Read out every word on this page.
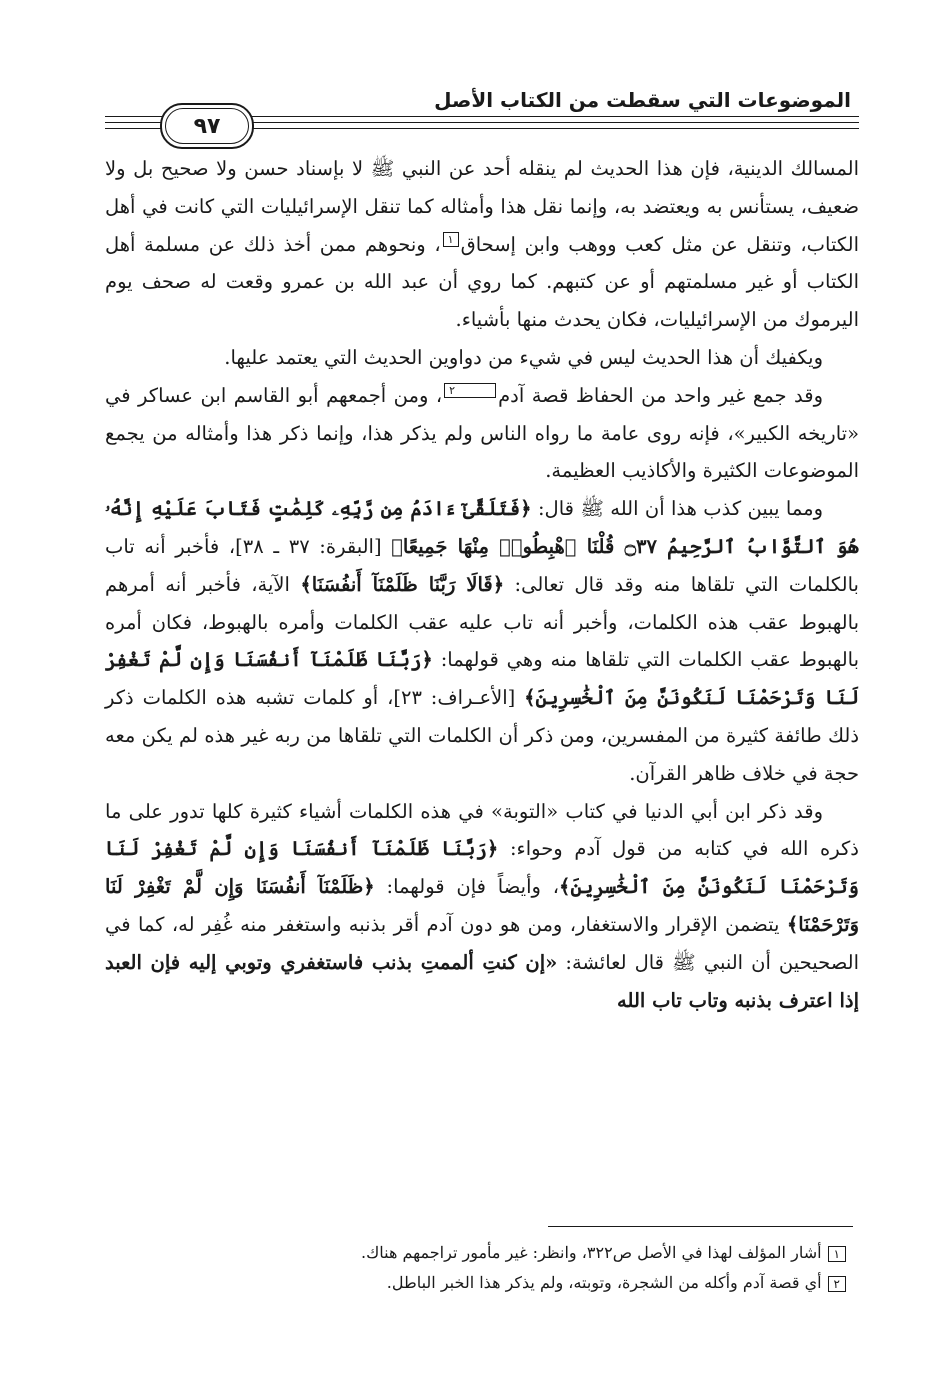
الموضوعات التي سقطت من الكتاب الأصل
٩٧

المسالك الدينية، فإن هذا الحديث لم ينقله أحد عن النبي ﷺ لا بإسناد حسن ولا صحيح بل ولا ضعيف، يستأنس به ويعتضد به، وإنما نقل هذا وأمثاله كما تنقل الإسرائيليات التي كانت في أهل الكتاب، وتنقل عن مثل كعب ووهب وابن إسحاق١، ونحوهم ممن أخذ ذلك عن مسلمة أهل الكتاب أو غير مسلمتهم أو عن كتبهم. كما روي أن عبد الله بن عمرو وقعت له صحف يوم اليرموك من الإسرائيليات، فكان يحدث منها بأشياء.

ويكفيك أن هذا الحديث ليس في شيء من دواوين الحديث التي يعتمد عليها.

وقد جمع غير واحد من الحفاظ قصة آدم٢، ومن أجمعهم أبو القاسم ابن عساكر في «تاريخه الكبير»، فإنه روى عامة ما رواه الناس ولم يذكر هذا، وإنما ذكر هذا وأمثاله من يجمع الموضوعات الكثيرة والأكاذيب العظيمة.

ومما يبين كذب هذا أن الله ﷺ قال: ﴿فَتَلَقَّىٰٓ ءَادَمُ مِن رَّبِّهِۦ كَلِمَٰتٍ فَتَابَ عَلَيْهِ إِنَّهُۥ هُوَ ٱلتَّوَّابُ ٱلرَّحِيمُ ۝٣٧ قُلْنَا ٱهْبِطُوا۟ مِنْهَا جَمِيعًا﴾ [البقرة: ٣٧ ـ ٣٨]، فأخبر أنه تاب بالكلمات التي تلقاها منه وقد قال تعالى: ﴿قَالَا رَبَّنَا ظَلَمْنَآ أَنفُسَنَا﴾ الآية، فأخبر أنه أمرهم بالهبوط عقب هذه الكلمات، وأخبر أنه تاب عليه عقب الكلمات وأمره بالهبوط، فكان أمره بالهبوط عقب الكلمات التي تلقاها منه وهي قولهما: ﴿رَبَّنَا ظَلَمْنَآ أَنفُسَنَا وَإِن لَّمْ تَغْفِرْ لَنَا وَتَرْحَمْنَا لَنَكُونَنَّ مِنَ ٱلْخَٰسِرِينَ﴾ [الأعـراف: ٢٣]، أو كلمات تشبه هذه الكلمات ذكر ذلك طائفة كثيرة من المفسرين، ومن ذكر أن الكلمات التي تلقاها من ربه غير هذه لم يكن معه حجة في خلاف ظاهر القرآن.

وقد ذكر ابن أبي الدنيا في كتاب «التوبة» في هذه الكلمات أشياء كثيرة كلها تدور على ما ذكره الله في كتابه من قول آدم وحواء: ﴿رَبَّنَا ظَلَمْنَآ أَنفُسَنَا وَإِن لَّمْ تَغْفِرْ لَنَا وَتَرْحَمْنَا لَنَكُونَنَّ مِنَ ٱلْخَٰسِرِينَ﴾، وأيضاً فإن قولهما: ﴿ظَلَمْنَآ أَنفُسَنَا وَإِن لَّمْ تَغْفِرْ لَنَا وَتَرْحَمْنَا﴾ يتضمن الإقرار والاستغفار، ومن هو دون آدم أقر بذنبه واستغفر منه غُفِر له، كما في الصحيحين أن النبي ﷺ قال لعائشة: «إن كنتِ ألممتِ بذنب فاستغفري وتوبي إليه فإن العبد إذا اعترف بذنبه وتاب تاب الله

١أشار المؤلف لهذا في الأصل ص٣٢٢، وانظر: غير مأمور تراجمهم هناك.
٢أي قصة آدم وأكله من الشجرة، وتوبته، ولم يذكر هذا الخبر الباطل.
